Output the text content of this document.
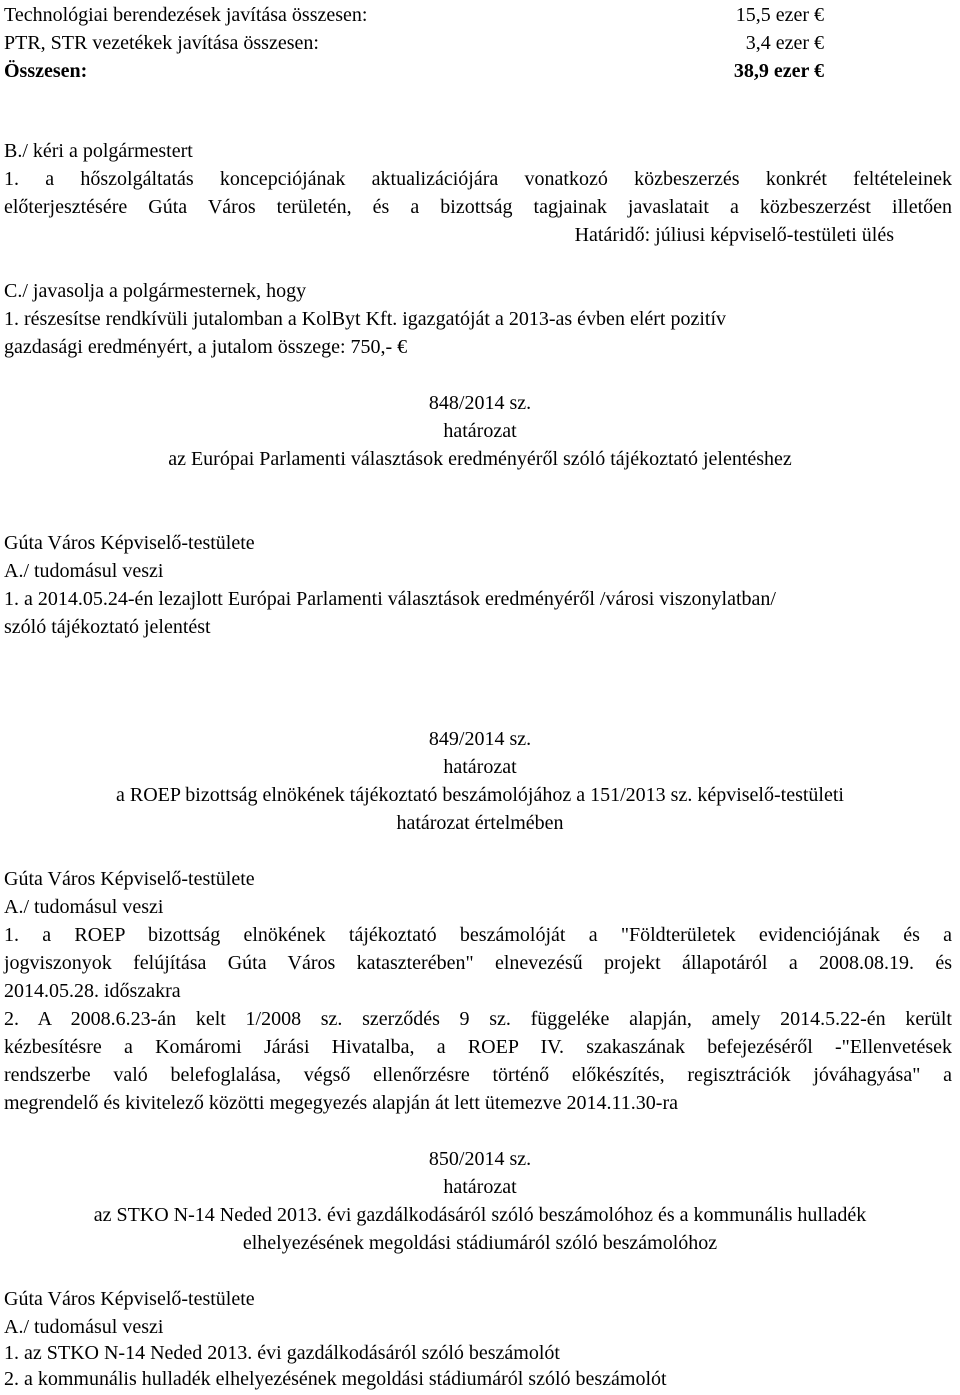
Technológiai berendezések javítása összesen:	15,5 ezer €
PTR, STR vezetékek javítása összesen:	3,4 ezer €
Összesen:	38,9 ezer €
B./ kéri a polgármestert
1. a hőszolgáltatás koncepciójának aktualizációjára vonatkozó közbeszerzés konkrét feltételeinek
előterjesztésére Gúta Város területén, és a bizottság tagjainak javaslatait a közbeszerzést illetően
Határidő: júliusi képviselő-testületi ülés
C./ javasolja a polgármesternek, hogy
1. részesítse rendkívüli jutalomban a KolByt Kft. igazgatóját a 2013-as évben elért pozitív
gazdasági eredményért, a jutalom összege: 750,- €
848/2014 sz.
határozat
az Európai Parlamenti választások eredményéről szóló tájékoztató jelentéshez
Gúta Város Képviselő-testülete
A./ tudomásul veszi
1. a 2014.05.24-én lezajlott Európai Parlamenti választások eredményéről /városi viszonylatban/
szóló tájékoztató jelentést
849/2014 sz.
határozat
a ROEP bizottság elnökének tájékoztató beszámolójához a 151/2013 sz. képviselő-testületi
határozat értelmében
Gúta Város Képviselő-testülete
A./ tudomásul veszi
1. a ROEP bizottság elnökének tájékoztató beszámolóját a "Földterületek evidenciójának és a
jogviszonyok felújítása Gúta Város kataszterében" elnevezésű projekt állapotáról a 2008.08.19. és
2014.05.28. időszakra
2. A 2008.6.23-án kelt 1/2008 sz. szerződés 9 sz. függeléke alapján, amely 2014.5.22-én került
kézbesítésre a Komáromi Járási Hivatalba, a ROEP IV. szakaszának befejezéséről -"Ellenvetések
rendszerbe való belefoglalása, végső ellenőrzésre történő előkészítés, regisztrációk jóváhagyása" a
megrendelő és kivitelező közötti megegyezés alapján át lett ütemezve 2014.11.30-ra
850/2014 sz.
határozat
az STKO N-14 Neded 2013. évi gazdálkodásáról szóló beszámolóhoz és a kommunális hulladék
elhelyezésének megoldási stádiumáról szóló beszámolóhoz
Gúta Város Képviselő-testülete
A./ tudomásul veszi
1. az STKO N-14 Neded 2013. évi gazdálkodásáról szóló beszámolót
2. a kommunális hulladék elhelyezésének megoldási stádiumáról szóló beszámolót
